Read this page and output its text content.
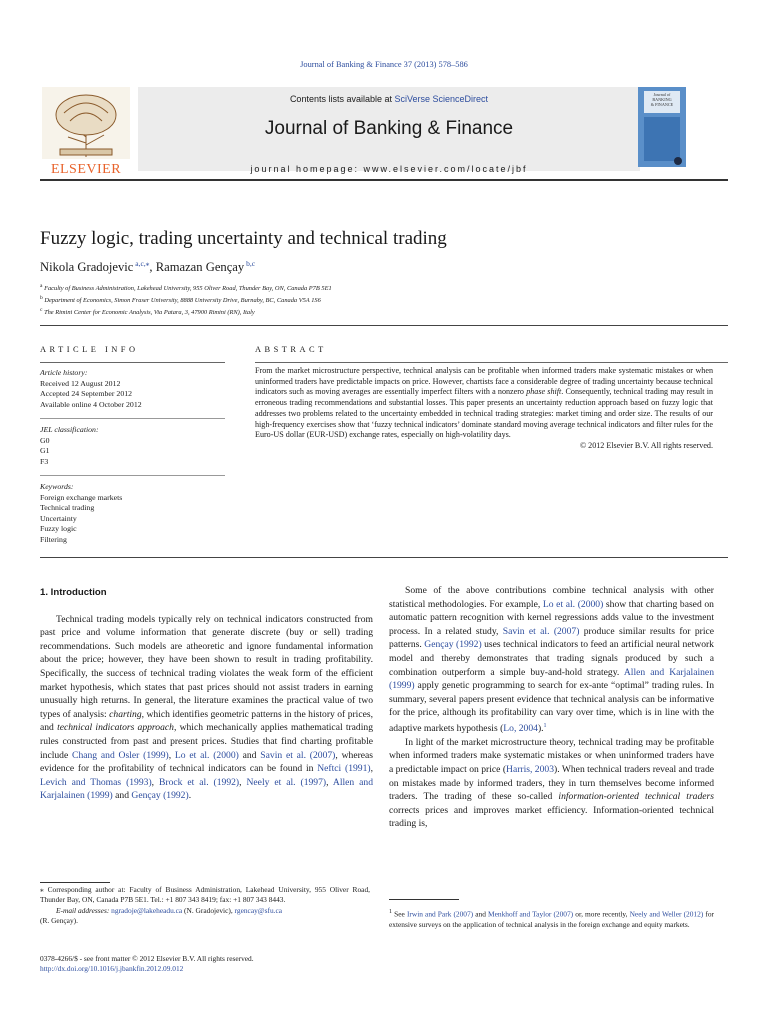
Journal of Banking & Finance 37 (2013) 578–586
ELSEVIER
Contents lists available at SciVerse ScienceDirect
Journal of Banking & Finance
journal homepage: www.elsevier.com/locate/jbf
Journal of
BANKING
& FINANCE
Fuzzy logic, trading uncertainty and technical trading
Nikola Gradojevic $^{a,c,⁎}$, Ramazan Gençay $^{b,c}$
$^a$ Faculty of Business Administration, Lakehead University, 955 Oliver Road, Thunder Bay, ON, Canada P7B 5E1
$^b$ Department of Economics, Simon Fraser University, 8888 University Drive, Burnaby, BC, Canada V5A 1S6
$^c$ The Rimini Center for Economic Analysis, Via Patara, 3, 47900 Rimini (RN), Italy
ARTICLE INFO	ABSTRACT
Article history:
Received 12 August 2012
Accepted 24 September 2012
Available online 4 October 2012
JEL classification:
G0
G1
F3
Keywords:
Foreign exchange markets
Technical trading
Uncertainty
Fuzzy logic
Filtering

From the market microstructure perspective, technical analysis can be profitable when informed traders make systematic mistakes or when uninformed traders have predictable impacts on price. However, chartists face a considerable degree of trading uncertainty because technical indicators such as moving averages are essentially imperfect filters with a nonzero phase shift. Consequently, technical trading may result in erroneous trading recommendations and substantial losses. This paper presents an uncertainty reduction approach based on fuzzy logic that addresses two problems related to the uncertainty embedded in technical trading strategies: market timing and order size. The results of our high-frequency exercises show that ‘fuzzy technical indicators’ dominate standard moving average technical indicators and filter rules for the Euro-US dollar (EUR-USD) exchange rates, especially on high-volatility days.

© 2012 Elsevier B.V. All rights reserved.

1. Introduction

Technical trading models typically rely on technical indicators constructed from past price and volume information that generate discrete (buy or sell) trading recommendations. Such models are atheoretic and ignore fundamental information about the price; however, they have been shown to result in trading profitability. Specifically, the success of technical trading violates the weak form of the efficient market hypothesis, which states that past prices should not assist traders in earning unusually high returns. In general, the literature examines the practical value of two types of analysis: charting, which identifies geometric patterns in the history of prices, and technical indicators approach, which mechanically applies mathematical trading rules constructed from past and present prices. Studies that find charting profitable include Chang and Osler (1999), Lo et al. (2000) and Savin et al. (2007), whereas evidence for the profitability of technical indicators can be found in Neftci (1991), Levich and Thomas (1993), Brock et al. (1992), Neely et al. (1997), Allen and Karjalainen (1999) and Gençay (1992).

Some of the above contributions combine technical analysis with other statistical methodologies. For example, Lo et al. (2000) show that charting based on automatic pattern recognition with kernel regressions adds value to the investment process. In a related study, Savin et al. (2007) produce similar results for price patterns. Gençay (1992) uses technical indicators to feed an artificial neural network model and thereby demonstrates that trading signals produced by such a combination outperform a simple buy-and-hold strategy. Allen and Karjalainen (1999) apply genetic programming to search for ex-ante “optimal” trading rules. In summary, several papers present evidence that technical analysis can be informative for the price, although its profitability can vary over time, which is in line with the adaptive markets hypothesis (Lo, 2004).$^1$

In light of the market microstructure theory, technical trading may be profitable when informed traders make systematic mistakes or when uninformed traders have a predictable impact on price (Harris, 2003). When technical traders reveal and trade on mistakes made by informed traders, they in turn themselves become informed traders. The trading of these so-called information-oriented technical traders corrects prices and improves market efficiency. Information-oriented technical trading is,

⁎ Corresponding author at: Faculty of Business Administration, Lakehead University, 955 Oliver Road, Thunder Bay, ON, Canada P7B 5E1. Tel.: +1 807 343 8419; fax: +1 807 343 8443.

E-mail addresses: ngradoje@lakeheadu.ca (N. Gradojevic), rgencay@sfu.ca

(R. Gençay).

$^1$ See Irwin and Park (2007) and Menkhoff and Taylor (2007) or, more recently, Neely and Weller (2012) for extensive surveys on the application of technical analysis in the foreign exchange and equity markets.

0378-4266/$ - see front matter © 2012 Elsevier B.V. All rights reserved.
http://dx.doi.org/10.1016/j.jbankfin.2012.09.012
